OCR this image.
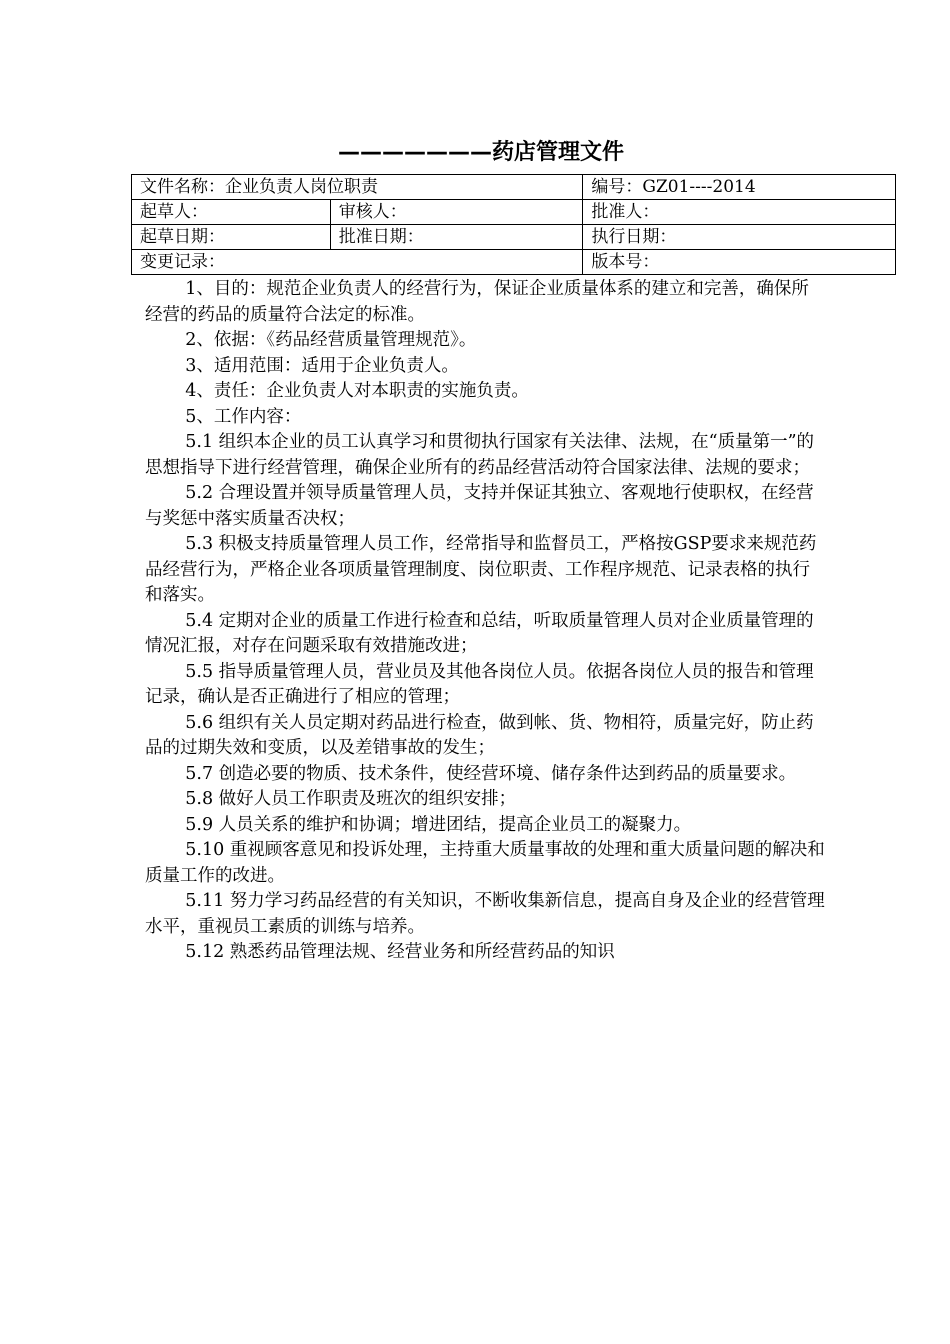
———————药店管理文件
文件名称：企业负责人岗位职责		编号：GZ01----2014
起草人：	审核人：	批准人：
起草日期：	批准日期：	执行日期：
变更记录：		版本号：

1、目的：规范企业负责人的经营行为，保证企业质量体系的建立和完善，确保所经营的药品的质量符合法定的标准。

2、依据：《药品经营质量管理规范》。

3、适用范围：适用于企业负责人。

4、责任：企业负责人对本职责的实施负责。

5、工作内容：

5.1 组织本企业的员工认真学习和贯彻执行国家有关法律、法规，在“质量第一”的思想指导下进行经营管理，确保企业所有的药品经营活动符合国家法律、法规的要求；

5.2 合理设置并领导质量管理人员，支持并保证其独立、客观地行使职权，在经营与奖惩中落实质量否决权；

5.3 积极支持质量管理人员工作，经常指导和监督员工，严格按GSP要求来规范药品经营行为，严格企业各项质量管理制度、岗位职责、工作程序规范、记录表格的执行和落实。

5.4 定期对企业的质量工作进行检查和总结，听取质量管理人员对企业质量管理的情况汇报，对存在问题采取有效措施改进；

5.5 指导质量管理人员，营业员及其他各岗位人员。依据各岗位人员的报告和管理记录，确认是否正确进行了相应的管理；

5.6 组织有关人员定期对药品进行检查，做到帐、货、物相符，质量完好，防止药品的过期失效和变质，以及差错事故的发生；

5.7 创造必要的物质、技术条件，使经营环境、储存条件达到药品的质量要求。

5.8 做好人员工作职责及班次的组织安排；

5.9 人员关系的维护和协调；增进团结，提高企业员工的凝聚力。

5.10 重视顾客意见和投诉处理，主持重大质量事故的处理和重大质量问题的解决和质量工作的改进。

5.11 努力学习药品经营的有关知识，不断收集新信息，提高自身及企业的经营管理水平，重视员工素质的训练与培养。

5.12 熟悉药品管理法规、经营业务和所经营药品的知识
